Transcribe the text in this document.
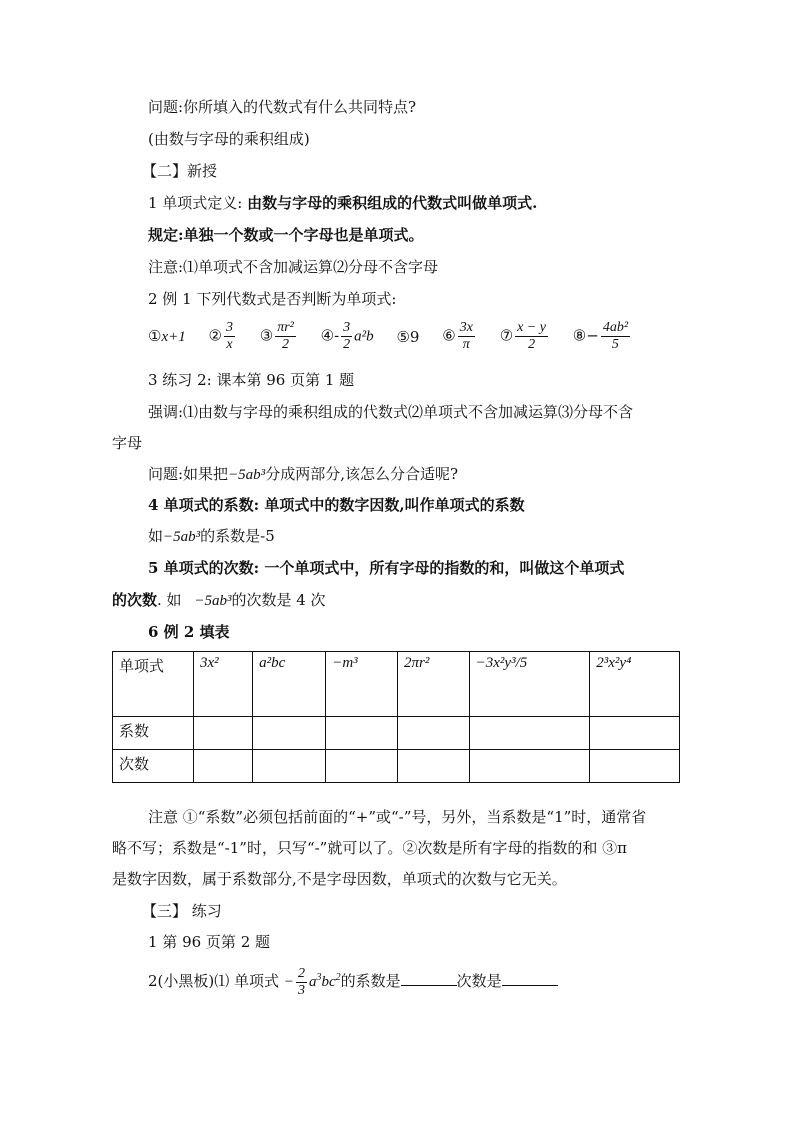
问题:你所填入的代数式有什么共同特点?
(由数与字母的乘积组成)
【二】新授
1 单项式定义: 由数与字母的乘积组成的代数式叫做单项式.
规定:单独一个数或一个字母也是单项式。
注意:⑴单项式不含加减运算⑵分母不含字母
2 例 1 下列代数式是否判断为单项式:
①x+1 ② $\frac{3}{x}$ ③ $\frac{\text{πr²}}{2}$ ④- $\frac{3}{2} a^2b$ ⑤9 ⑥ $\frac{3x}{\pi}$ ⑦ $\frac{x - y}{2}$ ⑧− $\frac{\text{4ab²}}{5}$
3 练习 2: 课本第 96 页第 1 题
强调:⑴由数与字母的乘积组成的代数式⑵单项式不含加减运算⑶分母不含
字母
问题:如果把−5ab³分成两部分,该怎么分合适呢?
4 单项式的系数: 单项式中的数字因数,叫作单项式的系数
如−5ab³的系数是-5
5 单项式的次数: 一个单项式中，所有字母的指数的和，叫做这个单项式
的次数. 如 −5ab³的次数是 4 次
6 例 2 填表
单项式	3x²	a²bc	−m³	2πr²	−3x²y³/5	2³x²y⁴
系数						
次数						
注意 ①“系数”必须包括前面的“+”或“-”号，另外，当系数是“1”时，通常省
略不写；系数是“-1”时，只写“-”就可以了。②次数是所有字母的指数的和 ③π
是数字因数，属于系数部分,不是字母因数，单项式的次数与它无关。
【三】 练习
1 第 96 页第 2 题
2(小黑板)⑴ 单项式 − $\frac{2}{3} a^3bc^2$的系数是	次数是
